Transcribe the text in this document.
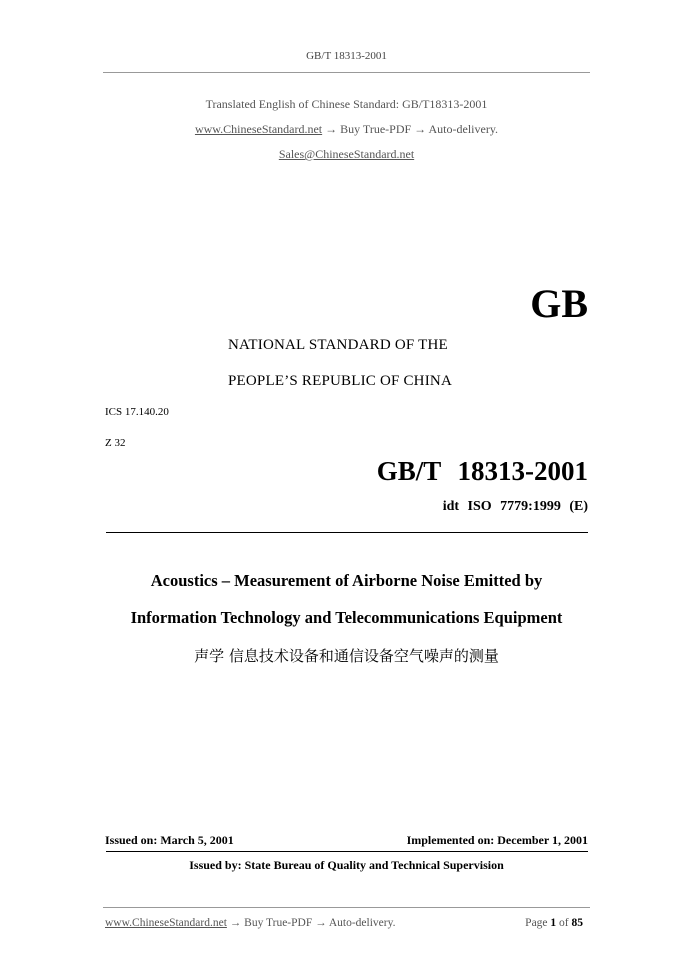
GB/T 18313-2001
Translated English of Chinese Standard: GB/T18313-2001
www.ChineseStandard.net → Buy True-PDF → Auto-delivery.
Sales@ChineseStandard.net
GB
NATIONAL STANDARD OF THE
PEOPLE’S REPUBLIC OF CHINA
ICS 17.140.20
Z 32
GB/T 18313-2001
idt ISO 7779:1999 (E)
Acoustics – Measurement of Airborne Noise Emitted by
Information Technology and Telecommunications Equipment
声学 信息技术设备和通信设备空气噪声的测量
Issued on: March 5, 2001	Implemented on: December 1, 2001
Issued by: State Bureau of Quality and Technical Supervision
www.ChineseStandard.net → Buy True-PDF → Auto-delivery.	Page 1 of 85
